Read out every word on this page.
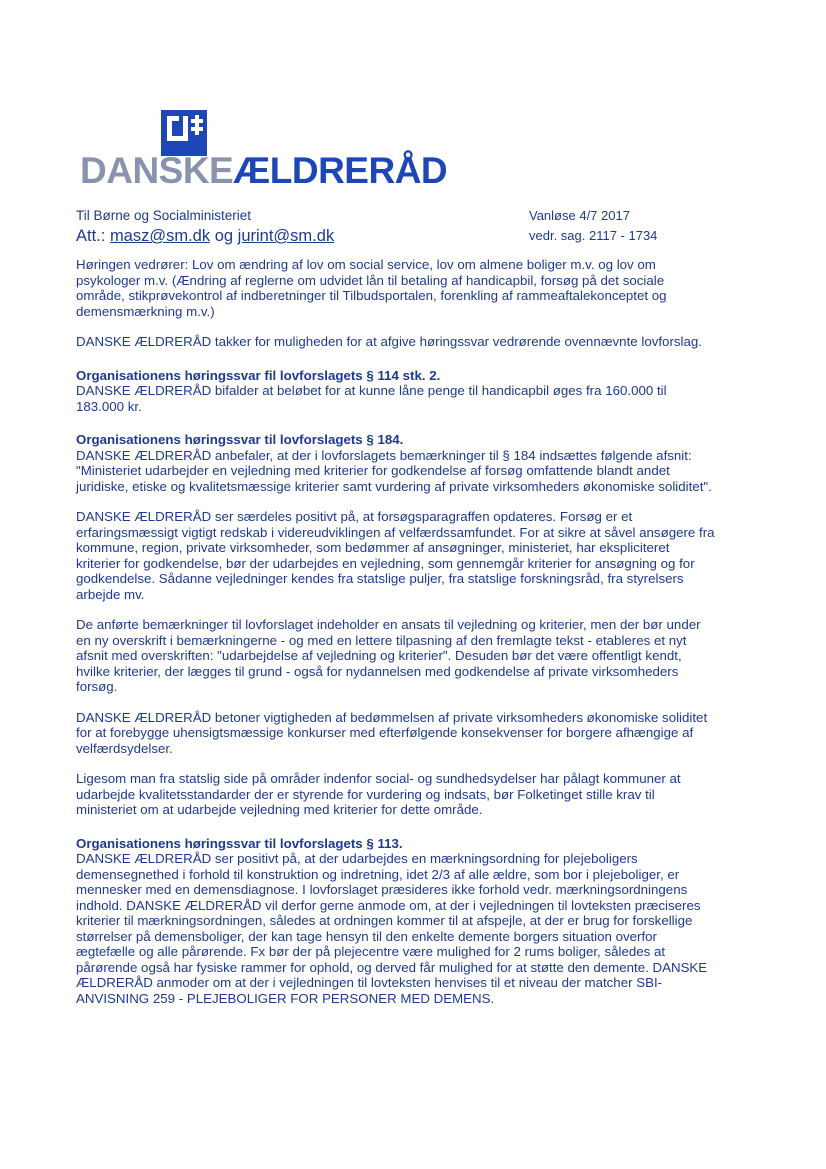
DANSKEÆLDRERÅD
Til Børne og Socialministeriet
Att.: masz@sm.dk og jurint@sm.dk
Vanløse 4/7 2017
vedr. sag. 2117 - 1734

Høringen vedrører: Lov om ændring af lov om social service, lov om almene boliger m.v. og lov om
psykologer m.v. (Ændring af reglerne om udvidet lån til betaling af handicapbil, forsøg på det sociale
område, stikprøvekontrol af indberetninger til Tilbudsportalen, forenkling af rammeaftalekonceptet og
demensmærkning m.v.)

DANSKE ÆLDRERÅD takker for muligheden for at afgive høringssvar vedrørende ovennævnte lovforslag.

Organisationens høringssvar fil lovforslagets § 114 stk. 2.

DANSKE ÆLDRERÅD bifalder at beløbet for at kunne låne penge til handicapbil øges fra 160.000 til
183.000 kr.

Organisationens høringssvar til lovforslagets § 184.

DANSKE ÆLDRERÅD anbefaler, at der i lovforslagets bemærkninger til § 184 indsættes følgende afsnit:
"Ministeriet udarbejder en vejledning med kriterier for godkendelse af forsøg omfattende blandt andet
juridiske, etiske og kvalitetsmæssige kriterier samt vurdering af private virksomheders økonomiske soliditet".

DANSKE ÆLDRERÅD ser særdeles positivt på, at forsøgsparagraffen opdateres. Forsøg er et
erfaringsmæssigt vigtigt redskab i videreudviklingen af velfærdssamfundet. For at sikre at såvel ansøgere fra
kommune, region, private virksomheder, som bedømmer af ansøgninger, ministeriet, har ekspliciteret
kriterier for godkendelse, bør der udarbejdes en vejledning, som gennemgår kriterier for ansøgning og for
godkendelse. Sådanne vejledninger kendes fra statslige puljer, fra statslige forskningsråd, fra styrelsers
arbejde mv.

De anførte bemærkninger til lovforslaget indeholder en ansats til vejledning og kriterier, men der bør under
en ny overskrift i bemærkningerne - og med en lettere tilpasning af den fremlagte tekst - etableres et nyt
afsnit med overskriften: "udarbejdelse af vejledning og kriterier". Desuden bør det være offentligt kendt,
hvilke kriterier, der lægges til grund - også for nydannelsen med godkendelse af private virksomheders
forsøg.

DANSKE ÆLDRERÅD betoner vigtigheden af bedømmelsen af private virksomheders økonomiske soliditet
for at forebygge uhensigtsmæssige konkurser med efterfølgende konsekvenser for borgere afhængige af
velfærdsydelser.

Ligesom man fra statslig side på områder indenfor social- og sundhedsydelser har pålagt kommuner at
udarbejde kvalitetsstandarder der er styrende for vurdering og indsats, bør Folketinget stille krav til
ministeriet om at udarbejde vejledning med kriterier for dette område.

Organisationens høringssvar til lovforslagets § 113.

DANSKE ÆLDRERÅD ser positivt på, at der udarbejdes en mærkningsordning for plejeboligers
demensegnethed i forhold til konstruktion og indretning, idet 2/3 af alle ældre, som bor i plejeboliger, er
mennesker med en demensdiagnose. I lovforslaget præsideres ikke forhold vedr. mærkningsordningens
indhold. DANSKE ÆLDRERÅD vil derfor gerne anmode om, at der i vejledningen til lovteksten præciseres
kriterier til mærkningsordningen, således at ordningen kommer til at afspejle, at der er brug for forskellige
størrelser på demensboliger, der kan tage hensyn til den enkelte demente borgers situation overfor
ægtefælle og alle pårørende. Fx bør der på plejecentre være mulighed for 2 rums boliger, således at
pårørende også har fysiske rammer for ophold, og derved får mulighed for at støtte den demente. DANSKE
ÆLDRERÅD anmoder om at der i vejledningen til lovteksten henvises til et niveau der matcher SBI-
ANVISNING 259 - PLEJEBOLIGER FOR PERSONER MED DEMENS.
